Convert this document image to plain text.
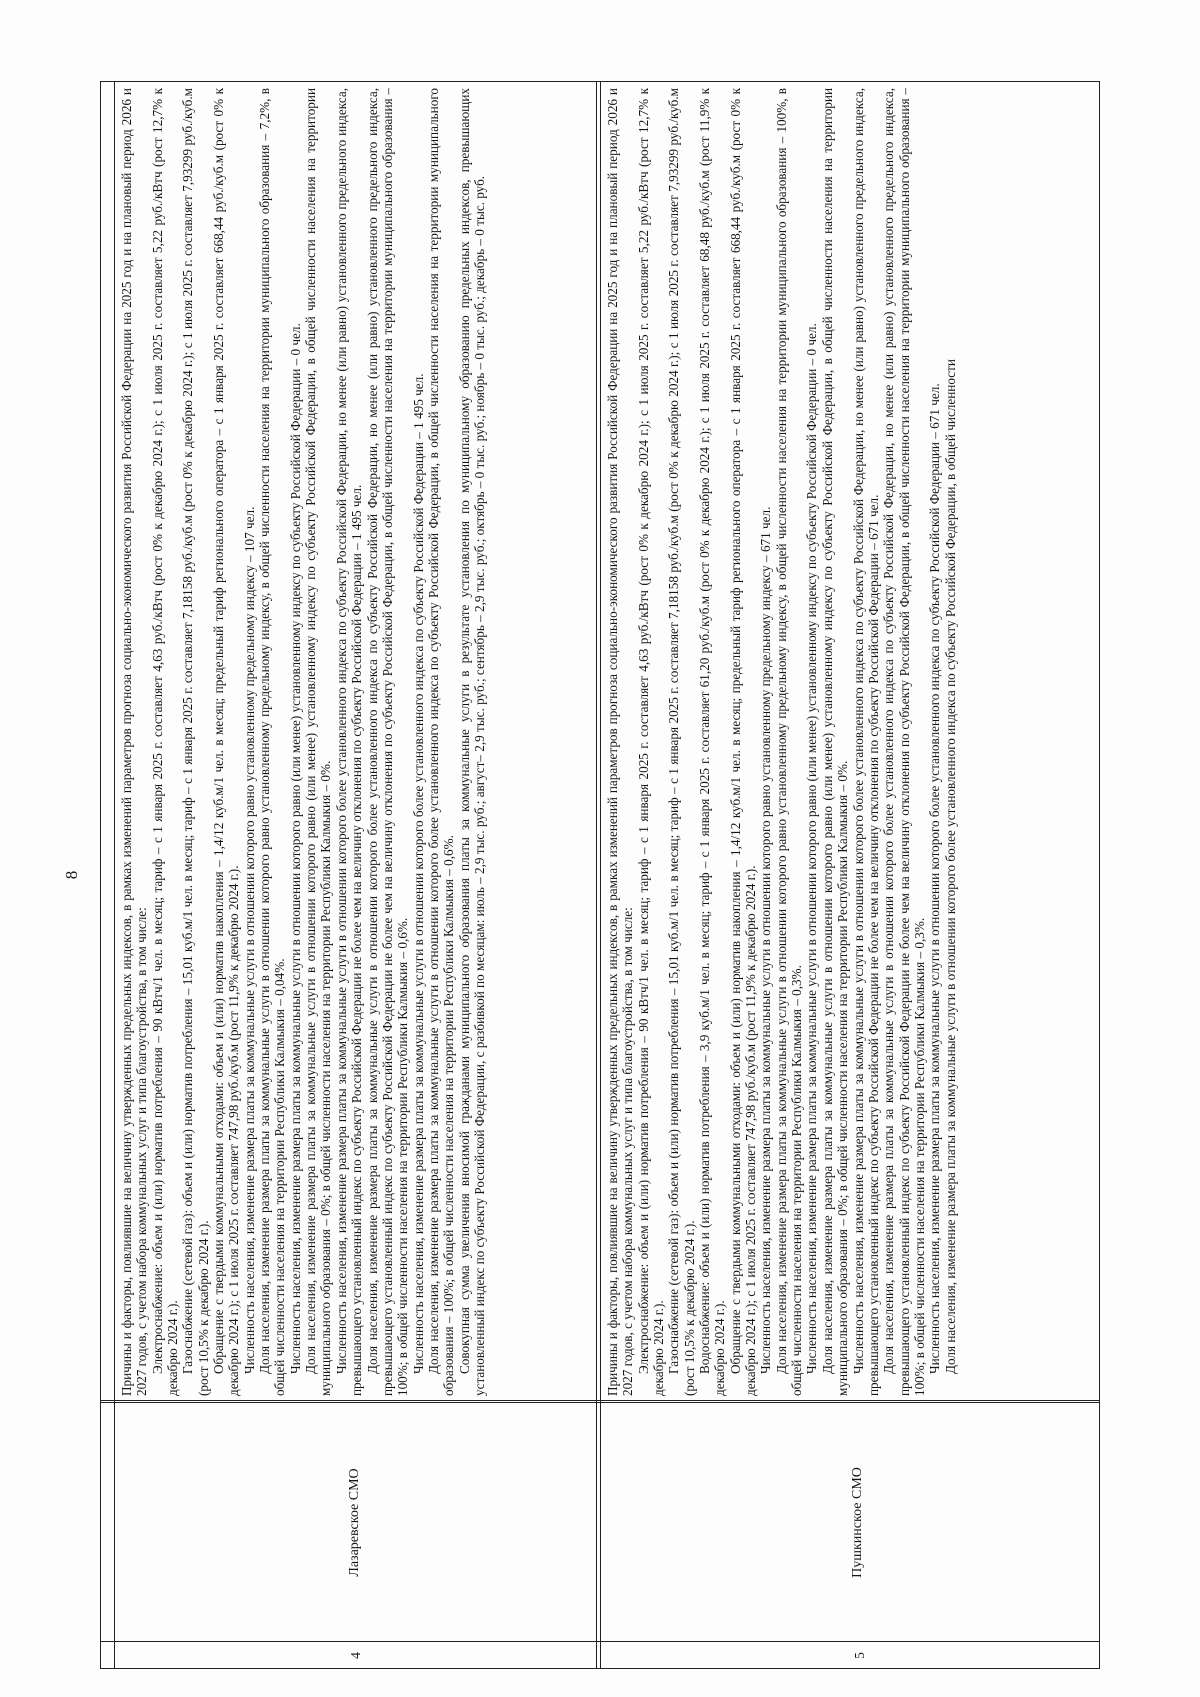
8
4
Лазаревское СМО

Причины и факторы, повлиявшие на величину утвержденных предельных индексов, в рамках изменений параметров прогноза социально-экономического развития Российской Федерации на 2025 год и на плановый период 2026 и 2027 годов, с учетом набора коммунальных услуг и типа благоустройства, в том числе: Электроснабжение: объем и (или) норматив потребления – 90 кВтч/1 чел. в месяц; тариф – с 1 января 2025 г. составляет 4,63 руб./кВтч (рост 0% к декабрю 2024 г.); с 1 июля 2025 г. составляет 5,22 руб./кВтч (рост 12,7% к декабрю 2024 г.). Газоснабжение (сетевой газ): объем и (или) норматив потребления – 15,01 куб.м/1 чел. в месяц; тариф – с 1 января 2025 г. составляет 7,18158 руб./куб.м (рост 0% к декабрю 2024 г.); с 1 июля 2025 г. составляет 7,93299 руб./куб.м (рост 10,5% к декабрю 2024 г.). Обращение с твердыми коммунальными отходами: объем и (или) норматив накопления – 1,4/12 куб.м/1 чел. в месяц; предельный тариф регионального оператора – с 1 января 2025 г. составляет 668,44 руб./куб.м (рост 0% к декабрю 2024 г.); с 1 июля 2025 г. составляет 747,98 руб./куб.м (рост 11,9% к декабрю 2024 г.). Численность населения, изменение размера платы за коммунальные услуги в отношении которого равно установленному предельному индексу – 107 чел. Доля населения, изменение размера платы за коммунальные услуги в отношении которого равно установленному предельному индексу, в общей численности населения на территории муниципального образования – 7,2%, в общей численности населения на территории Республики Калмыкия – 0,04%. Численность населения, изменение размера платы за коммунальные услуги в отношении которого равно (или менее) установленному индексу по субъекту Российской Федерации – 0 чел. Доля населения, изменение размера платы за коммунальные услуги в отношении которого равно (или менее) установленному индексу по субъекту Российской Федерации, в общей численности населения на территории муниципального образования – 0%; в общей численности населения на территории Республики Калмыкия – 0%. Численность населения, изменение размера платы за коммунальные услуги в отношении которого более установленного индекса по субъекту Российской Федерации, но менее (или равно) установленного предельного индекса, превышающего установленный индекс по субъекту Российской Федерации не более чем на величину отклонения по субъекту Российской Федерации – 1 495 чел. Доля населения, изменение размера платы за коммунальные услуги в отношении которого более установленного индекса по субъекту Российской Федерации, но менее (или равно) установленного предельного индекса, превышающего установленный индекс по субъекту Российской Федерации не более чем на величину отклонения по субъекту Российской Федерации, в общей численности населения на территории муниципального образования – 100%; в общей численности населения на территории Республики Калмыкия – 0,6%. Численность населения, изменение размера платы за коммунальные услуги в отношении которого более установленного индекса по субъекту Российской Федерации – 1 495 чел. Доля населения, изменение размера платы за коммунальные услуги в отношении которого более установленного индекса по субъекту Российской Федерации, в общей численности населения на территории муниципального образования – 100%; в общей численности населения на территории Республики Калмыкия – 0,6%. Совокупная сумма увеличения вносимой гражданами муниципального образования платы за коммунальные услуги в результате установления по муниципальному образованию предельных индексов, превышающих установленный индекс по субъекту Российской Федерации, с разбивкой по месяцам: июль – 2,9 тыс. руб.; август– 2,9 тыс. руб.; сентябрь – 2,9 тыс. руб.; октябрь – 0 тыс. руб.; ноябрь – 0 тыс. руб.; декабрь – 0 тыс. руб.

5
Пушкинское СМО

Причины и факторы, повлиявшие на величину утвержденных предельных индексов, в рамках изменений параметров прогноза социально-экономического развития Российской Федерации на 2025 год и на плановый период 2026 и 2027 годов, с учетом набора коммунальных услуг и типа благоустройства, в том числе: Электроснабжение: объем и (или) норматив потребления – 90 кВтч/1 чел. в месяц; тариф – с 1 января 2025 г. составляет 4,63 руб./кВтч (рост 0% к декабрю 2024 г.); с 1 июля 2025 г. составляет 5,22 руб./кВтч (рост 12,7% к декабрю 2024 г.). Газоснабжение (сетевой газ): объем и (или) норматив потребления – 15,01 куб.м/1 чел. в месяц; тариф – с 1 января 2025 г. составляет 7,18158 руб./куб.м (рост 0% к декабрю 2024 г.); с 1 июля 2025 г. составляет 7,93299 руб./куб.м (рост 10,5% к декабрю 2024 г.). Водоснабжение: объем и (или) норматив потребления – 3,9 куб.м/1 чел. в месяц; тариф – с 1 января 2025 г. составляет 61,20 руб./куб.м (рост 0% к декабрю 2024 г.); с 1 июля 2025 г. составляет 68,48 руб./куб.м (рост 11,9% к декабрю 2024 г.). Обращение с твердыми коммунальными отходами: объем и (или) норматив накопления – 1,4/12 куб.м/1 чел. в месяц; предельный тариф регионального оператора – с 1 января 2025 г. составляет 668,44 руб./куб.м (рост 0% к декабрю 2024 г.); с 1 июля 2025 г. составляет 747,98 руб./куб.м (рост 11,9% к декабрю 2024 г.). Численность населения, изменение размера платы за коммунальные услуги в отношении которого равно установленному предельному индексу – 671 чел. Доля населения, изменение размера платы за коммунальные услуги в отношении которого равно установленному предельному индексу, в общей численности населения на территории муниципального образования – 100%, в общей численности населения на территории Республики Калмыкия – 0,3%. Численность населения, изменение размера платы за коммунальные услуги в отношении которого равно (или менее) установленному индексу по субъекту Российской Федерации – 0 чел. Доля населения, изменение размера платы за коммунальные услуги в отношении которого равно (или менее) установленному индексу по субъекту Российской Федерации, в общей численности населения на территории муниципального образования – 0%; в общей численности населения на территории Республики Калмыкия – 0%. Численность населения, изменение размера платы за коммунальные услуги в отношении которого более установленного индекса по субъекту Российской Федерации, но менее (или равно) установленного предельного индекса, превышающего установленный индекс по субъекту Российской Федерации не более чем на величину отклонения по субъекту Российской Федерации – 671 чел. Доля населения, изменение размера платы за коммунальные услуги в отношении которого более установленного индекса по субъекту Российской Федерации, но менее (или равно) установленного предельного индекса, превышающего установленный индекс по субъекту Российской Федерации не более чем на величину отклонения по субъекту Российской Федерации, в общей численности населения на территории муниципального образования – 100%; в общей численности населения на территории Республики Калмыкия – 0,3%. Численность населения, изменение размера платы за коммунальные услуги в отношении которого более установленного индекса по субъекту Российской Федерации – 671 чел. Доля населения, изменение размера платы за коммунальные услуги в отношении которого более установленного индекса по субъекту Российской Федерации, в общей численности
